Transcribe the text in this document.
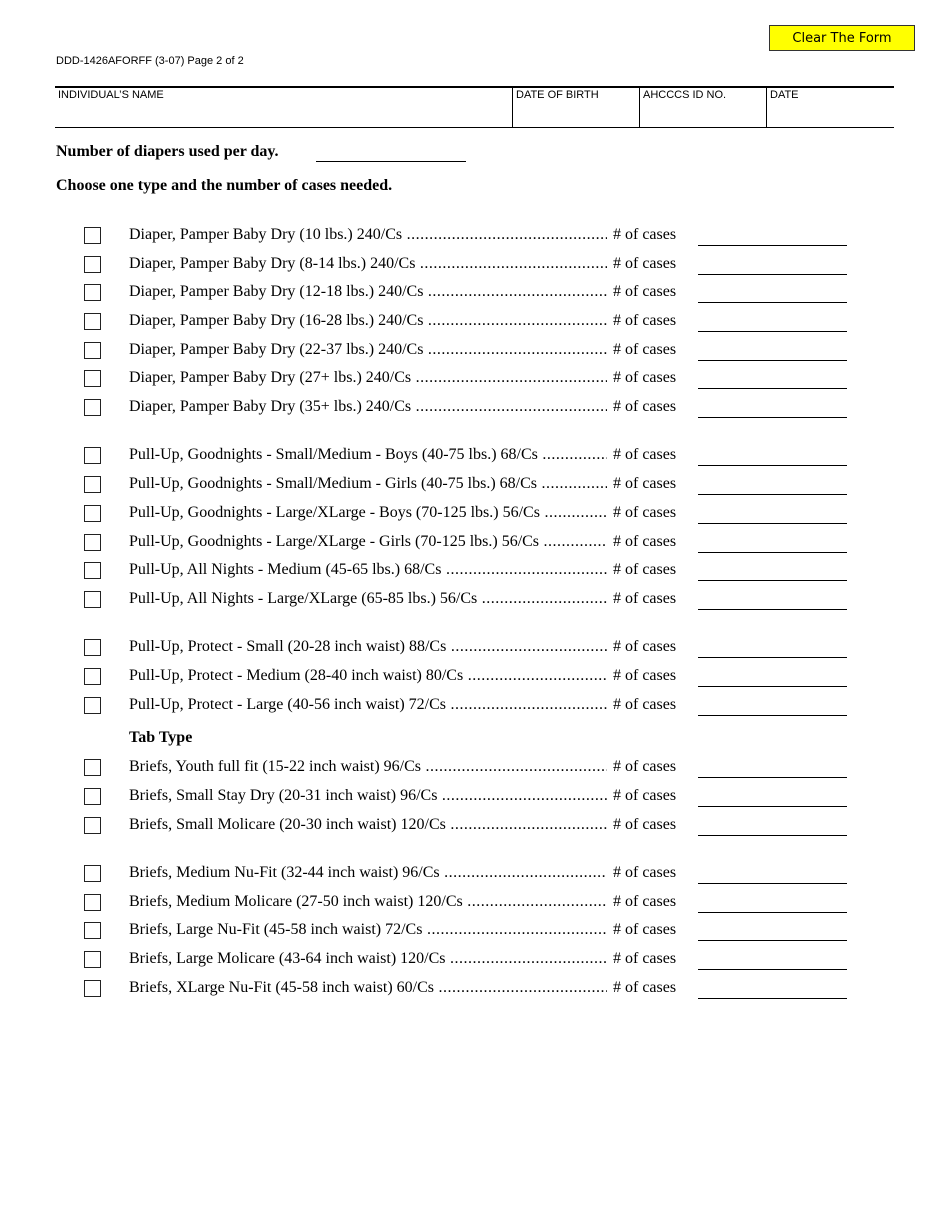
Clear The Form
DDD-1426AFORFF (3-07) Page 2 of 2
INDIVIDUAL’S NAME	DATE OF BIRTH	AHCCCS ID NO.	DATE
Number of diapers used per day.
Choose one type and the number of cases needed.
Tab Type
Diaper, Pamper Baby Dry (10 lbs.) 240/Cs .....	# of cases
Diaper, Pamper Baby Dry (8-14 lbs.) 240/Cs .....	# of cases
Diaper, Pamper Baby Dry (12-18 lbs.) 240/Cs .....	# of cases
Diaper, Pamper Baby Dry (16-28 lbs.) 240/Cs .....	# of cases
Diaper, Pamper Baby Dry (22-37 lbs.) 240/Cs .....	# of cases
Diaper, Pamper Baby Dry (27+ lbs.) 240/Cs .....	# of cases
Diaper, Pamper Baby Dry (35+ lbs.) 240/Cs .....	# of cases
Pull-Up, Goodnights - Small/Medium - Boys (40-75 lbs.) 68/Cs .....	# of cases
Pull-Up, Goodnights - Small/Medium - Girls (40-75 lbs.) 68/Cs .....	# of cases
Pull-Up, Goodnights - Large/XLarge - Boys (70-125 lbs.) 56/Cs .....	# of cases
Pull-Up, Goodnights - Large/XLarge - Girls (70-125 lbs.) 56/Cs .....	# of cases
Pull-Up, All Nights - Medium (45-65 lbs.) 68/Cs .....	# of cases
Pull-Up, All Nights - Large/XLarge (65-85 lbs.) 56/Cs .....	# of cases
Pull-Up, Protect - Small (20-28 inch waist) 88/Cs .....	# of cases
Pull-Up, Protect - Medium (28-40 inch waist) 80/Cs .....	# of cases
Pull-Up, Protect - Large (40-56 inch waist) 72/Cs .....	# of cases
Briefs, Youth full fit (15-22 inch waist) 96/Cs .....	# of cases
Briefs, Small Stay Dry (20-31 inch waist) 96/Cs .....	# of cases
Briefs, Small Molicare (20-30 inch waist) 120/Cs .....	# of cases
Briefs, Medium Nu-Fit (32-44 inch waist) 96/Cs .....	# of cases
Briefs, Medium Molicare (27-50 inch waist) 120/Cs .....	# of cases
Briefs, Large Nu-Fit (45-58 inch waist) 72/Cs .....	# of cases
Briefs, Large Molicare (43-64 inch waist) 120/Cs .....	# of cases
Briefs, XLarge Nu-Fit (45-58 inch waist) 60/Cs .....	# of cases
